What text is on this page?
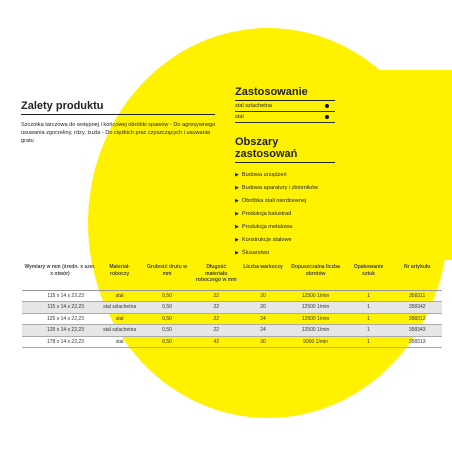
Zalety produktu
Szczotka tarczowa do wstępnej i końcowej obróbki spawów - Do agresywnego usuwania zgorzeliny, rdzy, żużla - Do ciężkich prac czyszczących i usuwania gratu
Zastosowanie
stal szlachetna
stal
Obszary zastosowań
▶ Budowa urządzeń
▶ Budowa aparatury i zbiorników
▶ Obróbka stali nierdzewnej
▶ Produkcja balustrad
▶ Produkcja metalowa
▶ Konstrukcje stalowe
▶ Ślusarstwo
Wymiary w mm (średn. x szer. x otwór)	Materiał-roboczy	Grubość drutu w mm	Długość materiału roboczego w mm	Liczba warkoczy	Dopuszczalna liczba obrotów	Opakowanie sztuk	Nr artykułu
115 x 14 x 22,23	stal	0,50	22	20	12500 1/min	1	358311
115 x 14 x 22,23	stal szlachetna	0,50	22	20	12500 1/min	1	358342
125 x 14 x 22,23	stal	0,50	22	24	12500 1/min	1	358312
125 x 14 x 22,23	stal szlachetna	0,50	22	24	12500 1/min	1	358343
178 x 14 x 22,23	stal	0,50	42	30	9000 1/min	1	358313
